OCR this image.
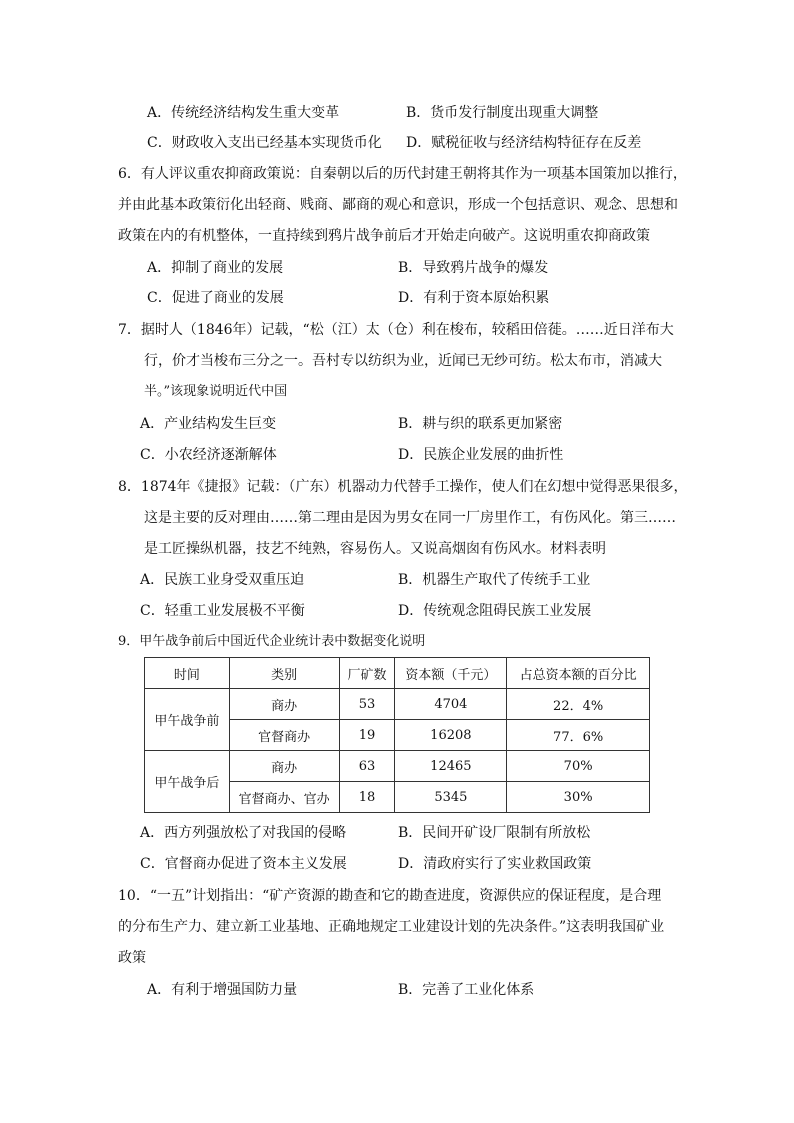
A．传统经济结构发生重大变革	B．货币发行制度出现重大调整
C．财政收入支出已经基本实现货币化 D．赋税征收与经济结构特征存在反差
6．有人评议重农抑商政策说：自秦朝以后的历代封建王朝将其作为一项基本国策加以推行，
并由此基本政策衍化出轻商、贱商、鄙商的观心和意识，形成一个包括意识、观念、思想和
政策在内的有机整体，一直持续到鸦片战争前后才开始走向破产。这说明重农抑商政策
A．抑制了商业的发展	B．导致鸦片战争的爆发
C．促进了商业的发展	D．有利于资本原始积累
7．据时人（1846年）记载，“松（江）太（仓）利在梭布，较稻田倍蓰。……近日洋布大
行，价才当梭布三分之一。吾村专以纺织为业，近闻已无纱可纺。松太布市，消减大
半。”该现象说明近代中国
A．产业结构发生巨变	B．耕与织的联系更加紧密
C．小农经济逐渐解体	D．民族企业发展的曲折性
8．1874年《捷报》记载：（广东）机器动力代替手工操作，使人们在幻想中觉得恶果很多，
这是主要的反对理由……第二理由是因为男女在同一厂房里作工，有伤风化。第三……
是工匠操纵机器，技艺不纯熟，容易伤人。又说高烟囱有伤风水。材料表明
A．民族工业身受双重压迫	B．机器生产取代了传统手工业
C．轻重工业发展极不平衡	D．传统观念阻碍民族工业发展
9．甲午战争前后中国近代企业统计表中数据变化说明
时间	类别	厂矿数	资本额（千元）	占总资本额的百分比
甲午战争前	商办	53	4704	22．4%
	官督商办	19	16208	77．6%
甲午战争后	商办	63	12465	70%
	官督商办、官办	18	5345	30%
A．西方列强放松了对我国的侵略	B．民间开矿设厂限制有所放松
C．官督商办促进了资本主义发展	D．清政府实行了实业救国政策
10．“一五”计划指出：“矿产资源的勘查和它的勘查进度，资源供应的保证程度，是合理
的分布生产力、建立新工业基地、正确地规定工业建设计划的先决条件。”这表明我国矿业
政策
A．有利于增强国防力量	B．完善了工业化体系
